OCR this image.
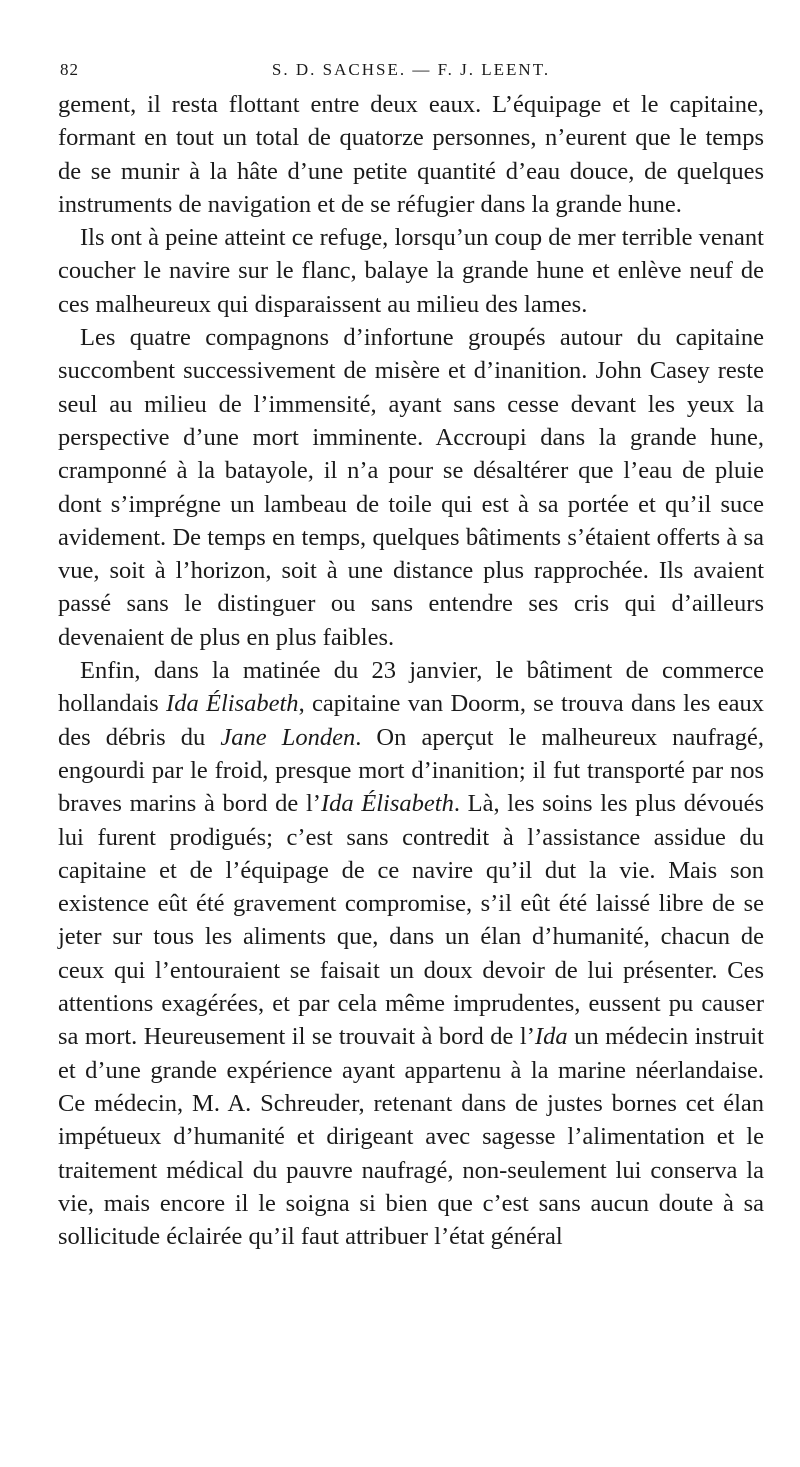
82	S. D. SACHSE. — F. J. LEENT.

gement, il resta flottant entre deux eaux. L’équipage et le capitaine, formant en tout un total de quatorze personnes, n’eurent que le temps de se munir à la hâte d’une petite quantité d’eau douce, de quelques instruments de navigation et de se réfugier dans la grande hune.

Ils ont à peine atteint ce refuge, lorsqu’un coup de mer terrible venant coucher le navire sur le flanc, balaye la grande hune et enlève neuf de ces malheureux qui disparaissent au milieu des lames.

Les quatre compagnons d’infortune groupés autour du capitaine succombent successivement de misère et d’inanition. John Casey reste seul au milieu de l’immensité, ayant sans cesse devant les yeux la perspective d’une mort imminente. Accroupi dans la grande hune, cramponné à la batayole, il n’a pour se désaltérer que l’eau de pluie dont s’imprégne un lambeau de toile qui est à sa portée et qu’il suce avidement. De temps en temps, quelques bâtiments s’étaient offerts à sa vue, soit à l’horizon, soit à une distance plus rapprochée. Ils avaient passé sans le distinguer ou sans entendre ses cris qui d’ailleurs devenaient de plus en plus faibles.

Enfin, dans la matinée du 23 janvier, le bâtiment de commerce hollandais Ida Élisabeth, capitaine van Doorm, se trouva dans les eaux des débris du Jane Londen. On aperçut le malheureux naufragé, engourdi par le froid, presque mort d’inanition; il fut transporté par nos braves marins à bord de l’Ida Élisabeth. Là, les soins les plus dévoués lui furent prodigués; c’est sans contredit à l’assistance assidue du capitaine et de l’équipage de ce navire qu’il dut la vie. Mais son existence eût été gravement compromise, s’il eût été laissé libre de se jeter sur tous les aliments que, dans un élan d’humanité, chacun de ceux qui l’entouraient se faisait un doux devoir de lui présenter. Ces attentions exagérées, et par cela même imprudentes, eussent pu causer sa mort. Heureusement il se trouvait à bord de l’Ida un médecin instruit et d’une grande expérience ayant appartenu à la marine néerlandaise. Ce médecin, M. A. Schreuder, retenant dans de justes bornes cet élan impétueux d’humanité et dirigeant avec sagesse l’alimentation et le traitement médical du pauvre naufragé, non-seulement lui conserva la vie, mais encore il le soigna si bien que c’est sans aucun doute à sa sollicitude éclairée qu’il faut attribuer l’état général
